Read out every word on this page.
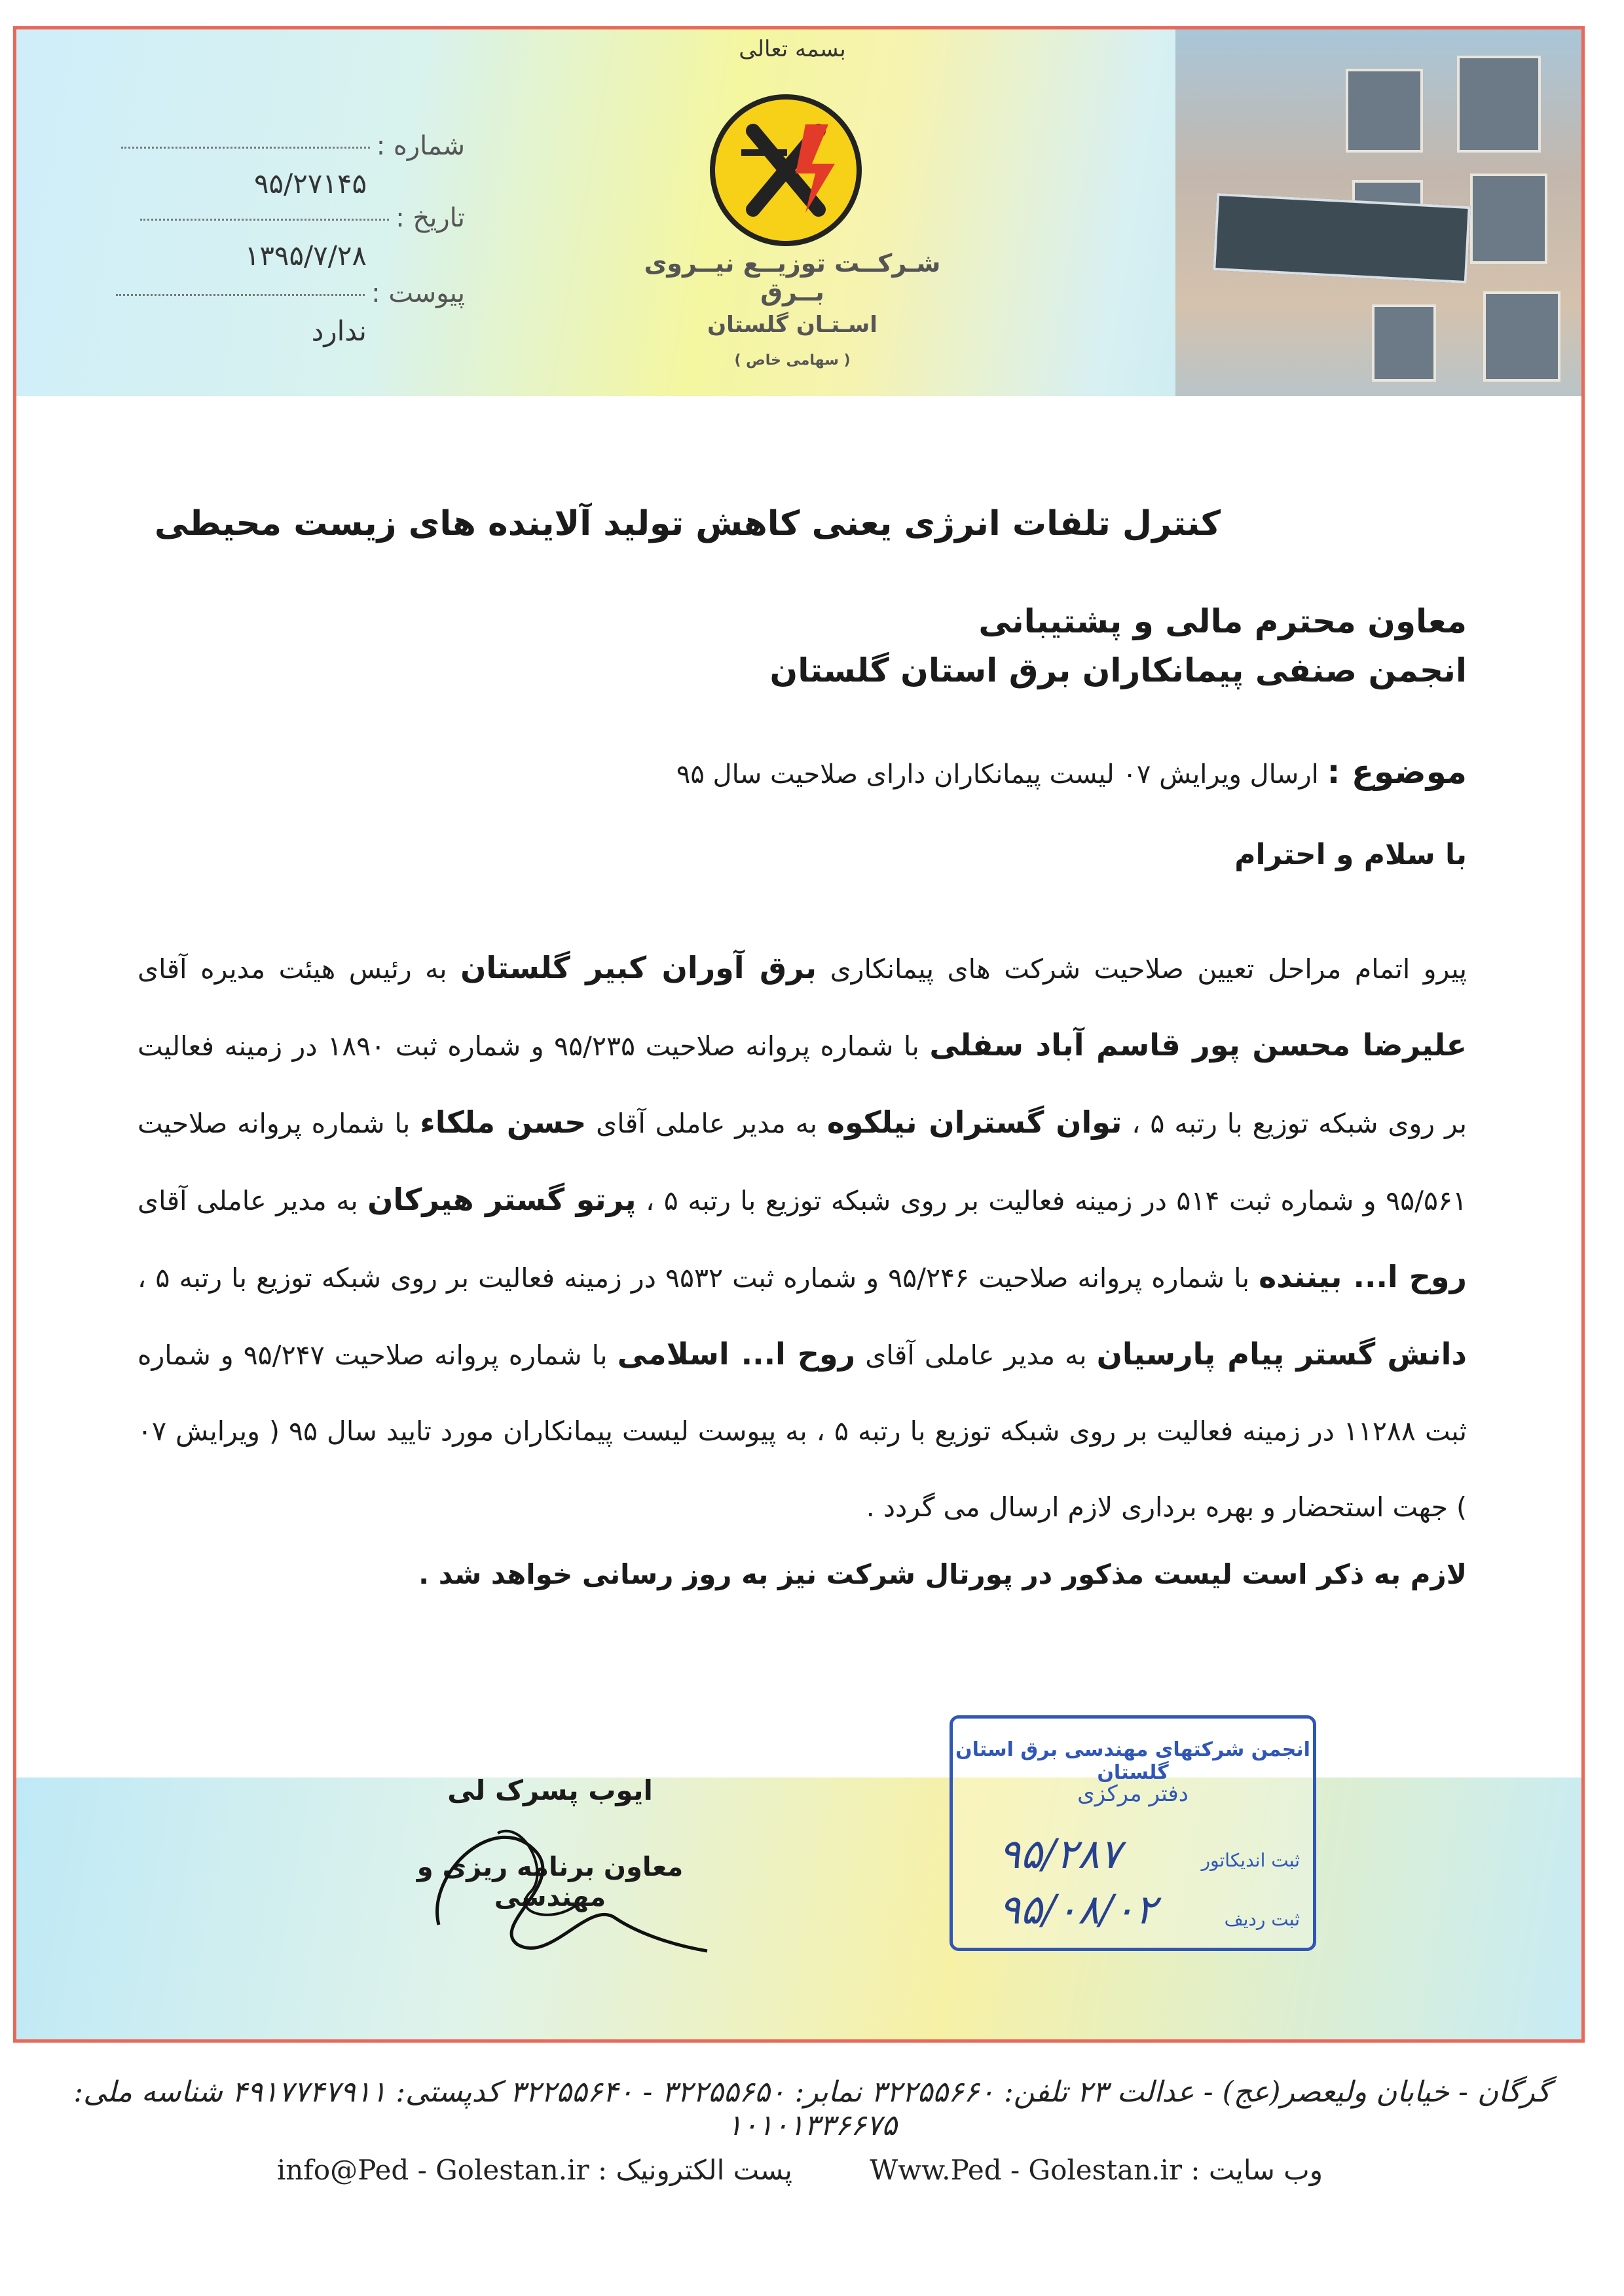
بسمه تعالی
شـرکــت توزیــع نیــروی بــرق
اسـتـان گلستان
( سهامی خاص )
شماره :
۹۵/۲۷۱۴۵
تاریخ :
۱۳۹۵/۷/۲۸
پیوست :
ندارد
کنترل تلفات انرژی یعنی کاهش تولید آلاینده های زیست محیطی
معاون محترم مالی و پشتیبانی
انجمن صنفی پیمانکاران برق استان گلستان
موضوع : ارسال ویرایش ۰۷ لیست پیمانکاران دارای صلاحیت سال ۹۵
با سلام و احترام
پیرو اتمام مراحل تعیین صلاحیت شرکت های پیمانکاری برق آوران کبیر گلستان به رئیس هیئت مدیره آقای علیرضا محسن پور قاسم آباد سفلی با شماره پروانه صلاحیت ۹۵/۲۳۵ و شماره ثبت ۱۸۹۰ در زمینه فعالیت بر روی شبکه توزیع با رتبه ۵ ، توان گستران نیلکوه به مدیر عاملی آقای حسن ملکاء با شماره پروانه صلاحیت ۹۵/۵۶۱ و شماره ثبت ۵۱۴ در زمینه فعالیت بر روی شبکه توزیع با رتبه ۵ ، پرتو گستر هیرکان به مدیر عاملی آقای روح ا... بیننده با شماره پروانه صلاحیت ۹۵/۲۴۶ و شماره ثبت ۹۵۳۲ در زمینه فعالیت بر روی شبکه توزیع با رتبه ۵ ، دانش گستر پیام پارسیان به مدیر عاملی آقای روح ا... اسلامی با شماره پروانه صلاحیت ۹۵/۲۴۷ و شماره ثبت ۱۱۲۸۸ در زمینه فعالیت بر روی شبکه توزیع با رتبه ۵ ، به پیوست لیست پیمانکاران مورد تایید سال ۹۵ ( ویرایش ۰۷ ) جهت استحضار و بهره برداری لازم ارسال می گردد .
لازم به ذکر است لیست مذکور در پورتال شرکت نیز به روز رسانی خواهد شد .
ایوب پسرک لی
معاون برنامه ریزی و مهندسی
انجمن شرکتهای مهندسی برق استان گلستان
دفتر مرکزی
ثبت اندیکاتور
۹۵/۲۸۷
ثبت ردیف
۹۵/۰۸/۰۲
گرگان - خیابان ولیعصر(عج) - عدالت ۲۳ تلفن: ۳۲۲۵۵۶۶۰ نمابر: ۳۲۲۵۵۶۵۰ - ۳۲۲۵۵۶۴۰ کدپستی: ۴۹۱۷۷۴۷۹۱۱ شناسه ملی: ۱۰۱۰۱۳۳۶۶۷۵
وب سایت : Www.Ped - Golestan.ir
پست الکترونیک : info@Ped - Golestan.ir
